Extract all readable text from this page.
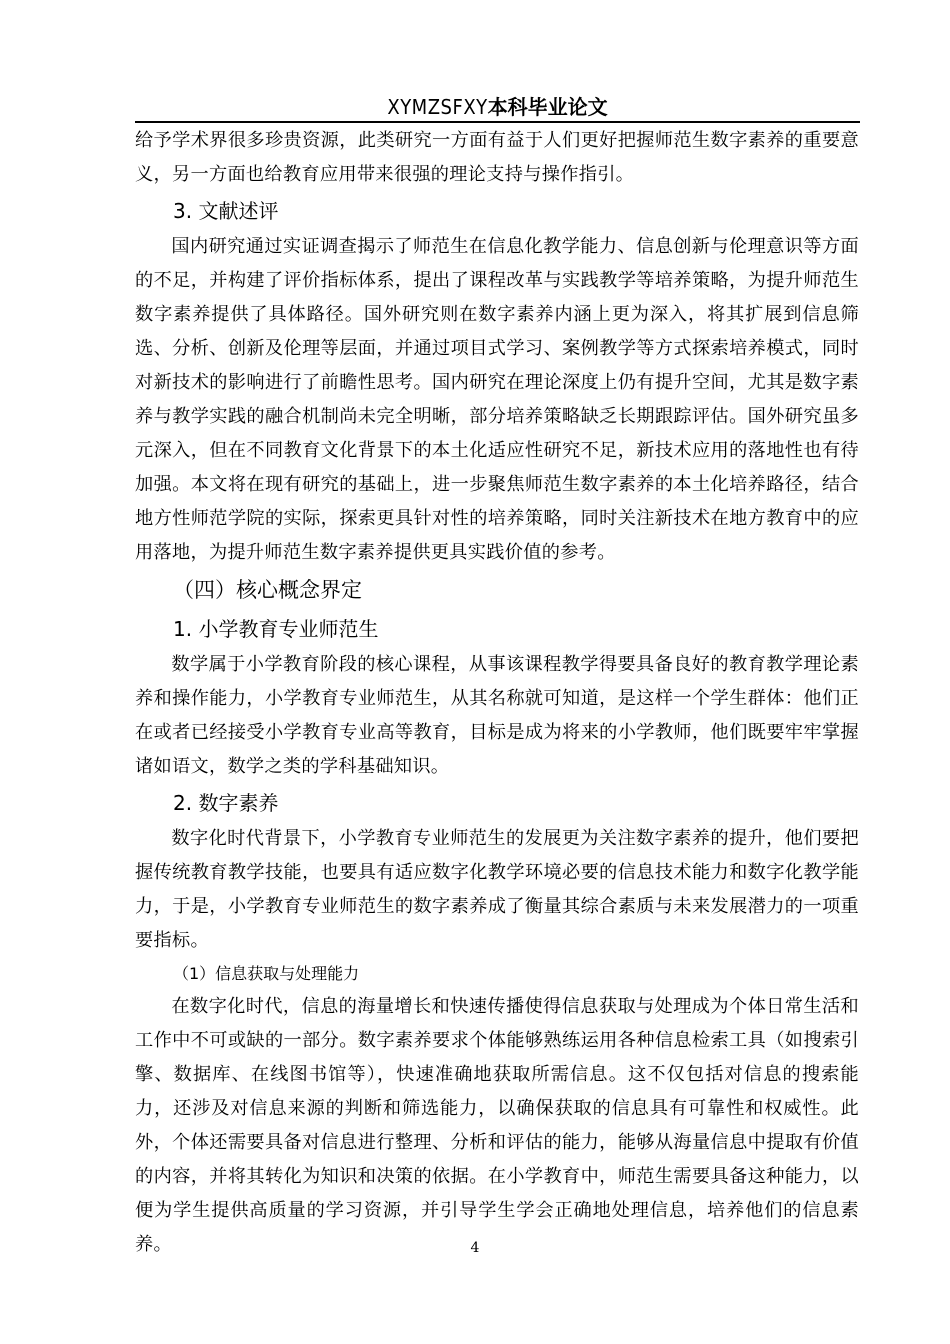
XYMZSFXY本科毕业论文

给予学术界很多珍贵资源，此类研究一方面有益于人们更好把握师范生数字素养的重要意义，另一方面也给教育应用带来很强的理论支持与操作指引。

3. 文献述评

国内研究通过实证调查揭示了师范生在信息化教学能力、信息创新与伦理意识等方面的不足，并构建了评价指标体系，提出了课程改革与实践教学等培养策略，为提升师范生数字素养提供了具体路径。国外研究则在数字素养内涵上更为深入，将其扩展到信息筛选、分析、创新及伦理等层面，并通过项目式学习、案例教学等方式探索培养模式，同时对新技术的影响进行了前瞻性思考。国内研究在理论深度上仍有提升空间，尤其是数字素养与教学实践的融合机制尚未完全明晰，部分培养策略缺乏长期跟踪评估。国外研究虽多元深入，但在不同教育文化背景下的本土化适应性研究不足，新技术应用的落地性也有待加强。本文将在现有研究的基础上，进一步聚焦师范生数字素养的本土化培养路径，结合地方性师范学院的实际，探索更具针对性的培养策略，同时关注新技术在地方教育中的应用落地，为提升师范生数字素养提供更具实践价值的参考。

（四）核心概念界定
1. 小学教育专业师范生

数学属于小学教育阶段的核心课程，从事该课程教学得要具备良好的教育教学理论素养和操作能力，小学教育专业师范生，从其名称就可知道，是这样一个学生群体：他们正在或者已经接受小学教育专业高等教育，目标是成为将来的小学教师，他们既要牢牢掌握诸如语文，数学之类的学科基础知识。

2. 数字素养

数字化时代背景下，小学教育专业师范生的发展更为关注数字素养的提升，他们要把握传统教育教学技能，也要具有适应数字化教学环境必要的信息技术能力和数字化教学能力，于是，小学教育专业师范生的数字素养成了衡量其综合素质与未来发展潜力的一项重要指标。

（1）信息获取与处理能力

在数字化时代，信息的海量增长和快速传播使得信息获取与处理成为个体日常生活和工作中不可或缺的一部分。数字素养要求个体能够熟练运用各种信息检索工具（如搜索引擎、数据库、在线图书馆等），快速准确地获取所需信息。这不仅包括对信息的搜索能力，还涉及对信息来源的判断和筛选能力，以确保获取的信息具有可靠性和权威性。此外，个体还需要具备对信息进行整理、分析和评估的能力，能够从海量信息中提取有价值的内容，并将其转化为知识和决策的依据。在小学教育中，师范生需要具备这种能力，以便为学生提供高质量的学习资源，并引导学生学会正确地处理信息，培养他们的信息素养。	4
